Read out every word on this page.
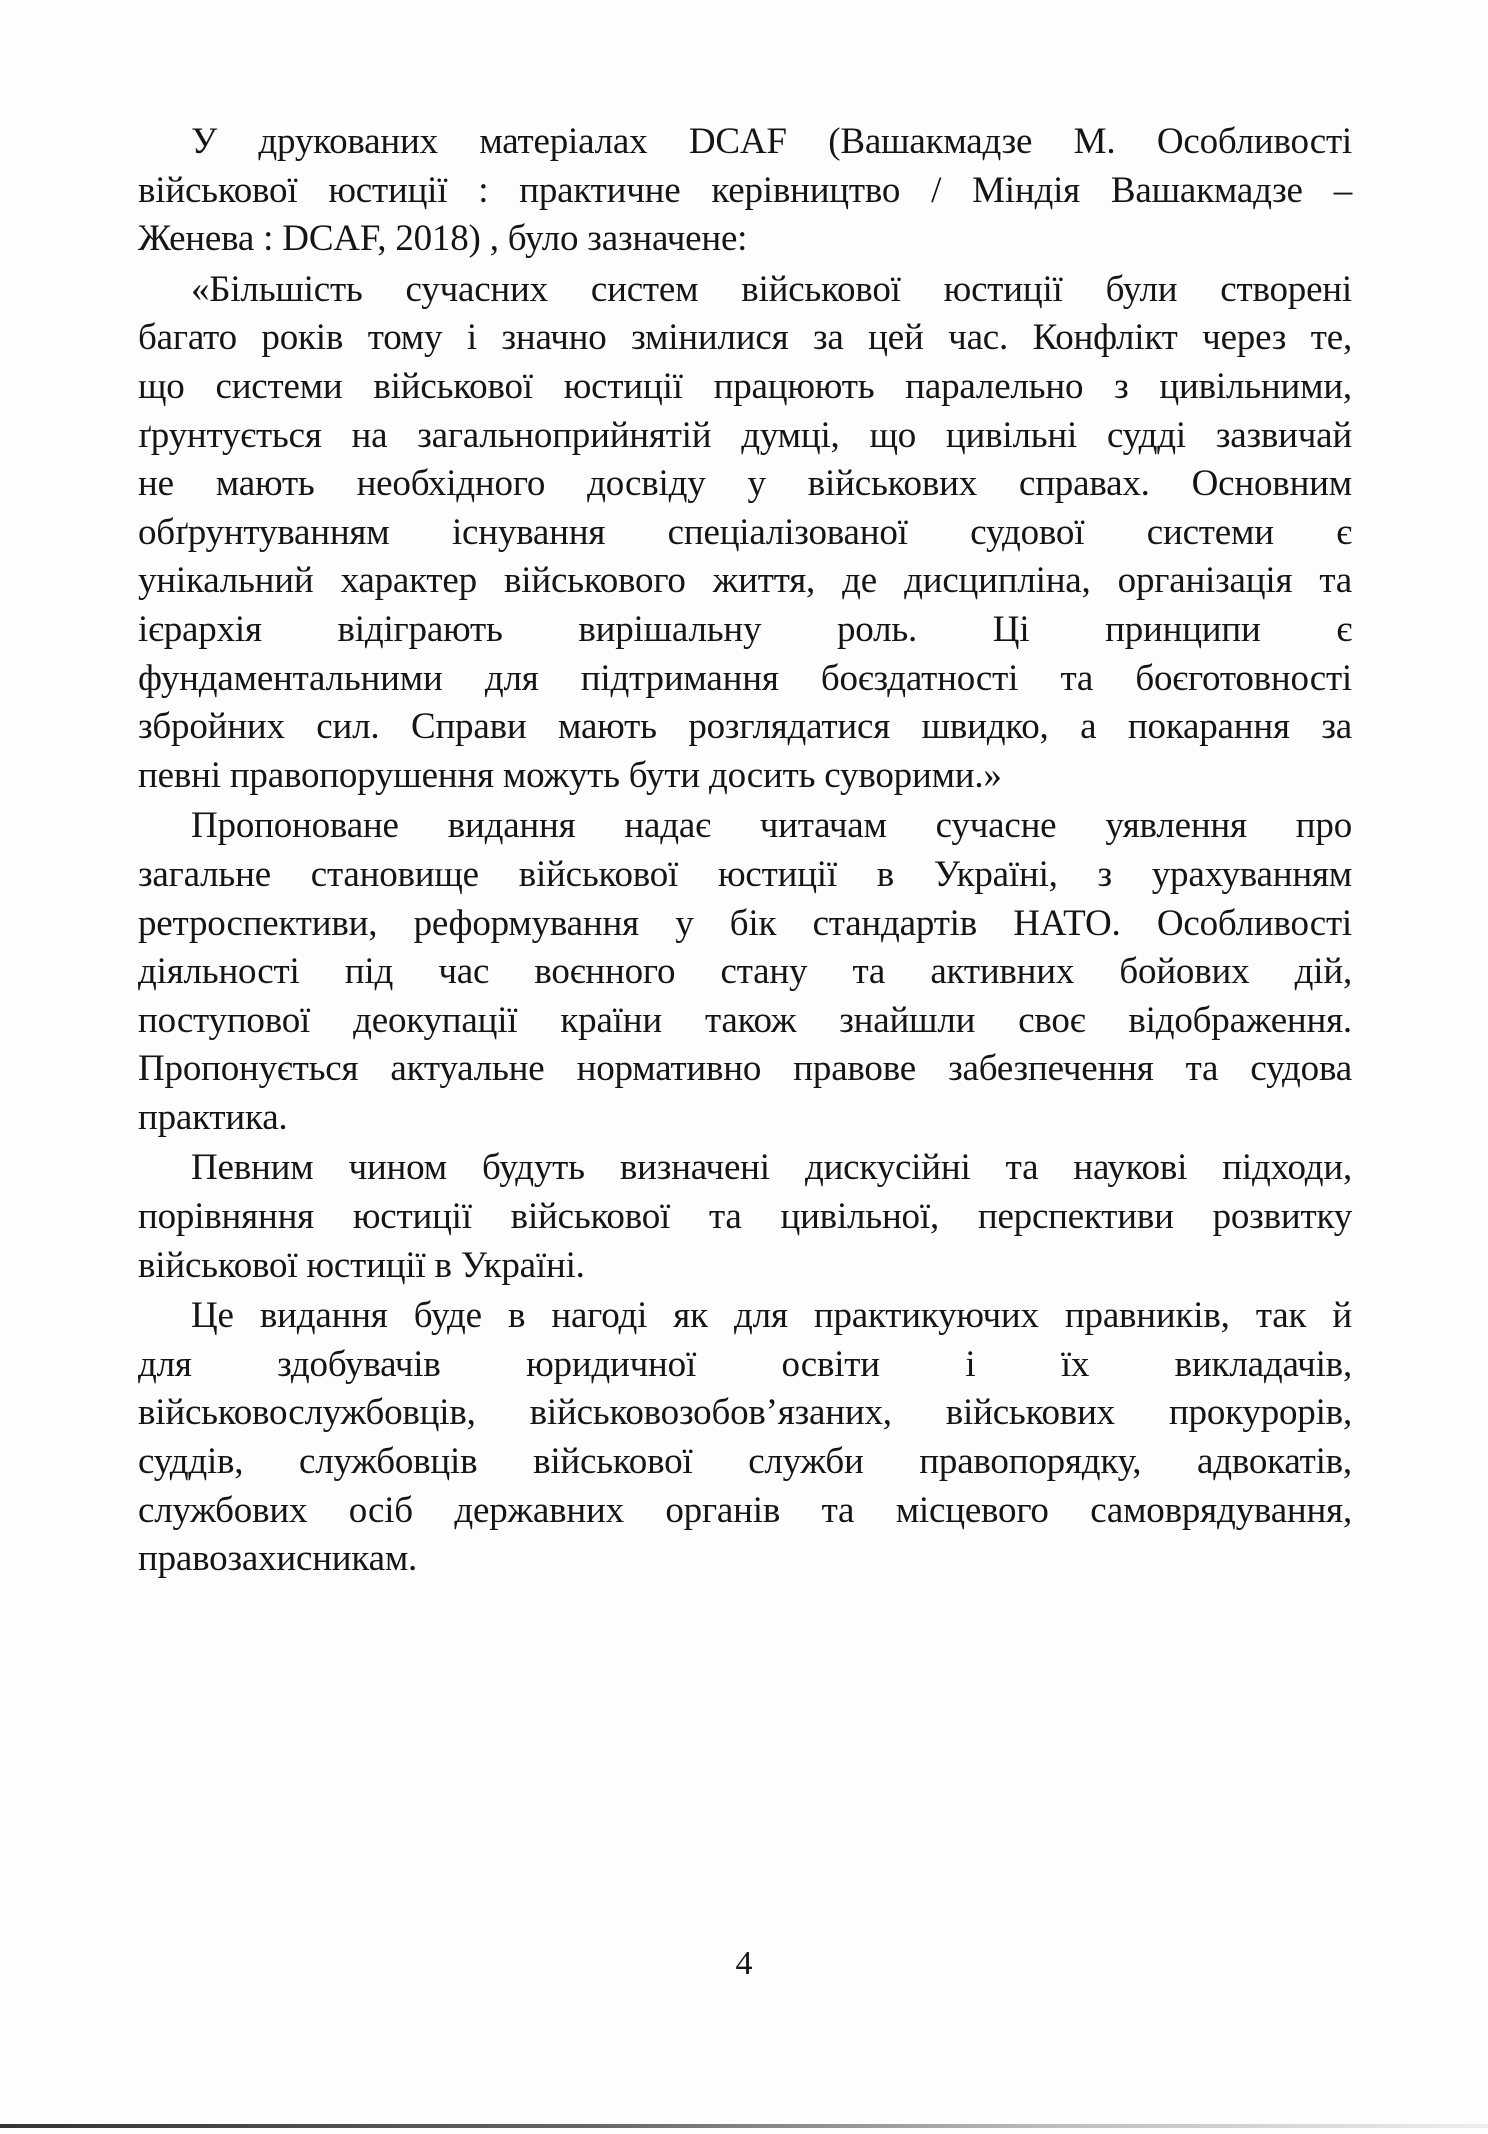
У друкованих матеріалах DCAF (Вашакмадзе М. Особливості
військової юстиції : практичне керівництво / Міндія Вашакмадзе –
Женева : DCAF, 2018) , було зазначене:
«Більшість сучасних систем військової юстиції були створені
багато років тому і значно змінилися за цей час. Конфлікт через те,
що системи військової юстиції працюють паралельно з цивільними,
ґрунтується на загальноприйнятій думці, що цивільні судді зазвичай
не мають необхідного досвіду у військових справах. Основним
обґрунтуванням існування спеціалізованої судової системи є
унікальний характер військового життя, де дисципліна, організація та
ієрархія відіграють вирішальну роль. Ці принципи є
фундаментальними для підтримання боєздатності та боєготовності
збройних сил. Справи мають розглядатися швидко, а покарання за
певні правопорушення можуть бути досить суворими.»
Пропоноване видання надає читачам сучасне уявлення про
загальне становище військової юстиції в Україні, з урахуванням
ретроспективи, реформування у бік стандартів НАТО. Особливості
діяльності під час воєнного стану та активних бойових дій,
поступової деокупації країни також знайшли своє відображення.
Пропонується актуальне нормативно правове забезпечення та судова
практика.
Певним чином будуть визначені дискусійні та наукові підходи,
порівняння юстиції військової та цивільної, перспективи розвитку
військової юстиції в Україні.
Це видання буде в нагоді як для практикуючих правників, так й
для здобувачів юридичної освіти і їх викладачів,
військовослужбовців, військовозобов’язаних, військових прокурорів,
суддів, службовців військової служби правопорядку, адвокатів,
службових осіб державних органів та місцевого самоврядування,
правозахисникам.
4
